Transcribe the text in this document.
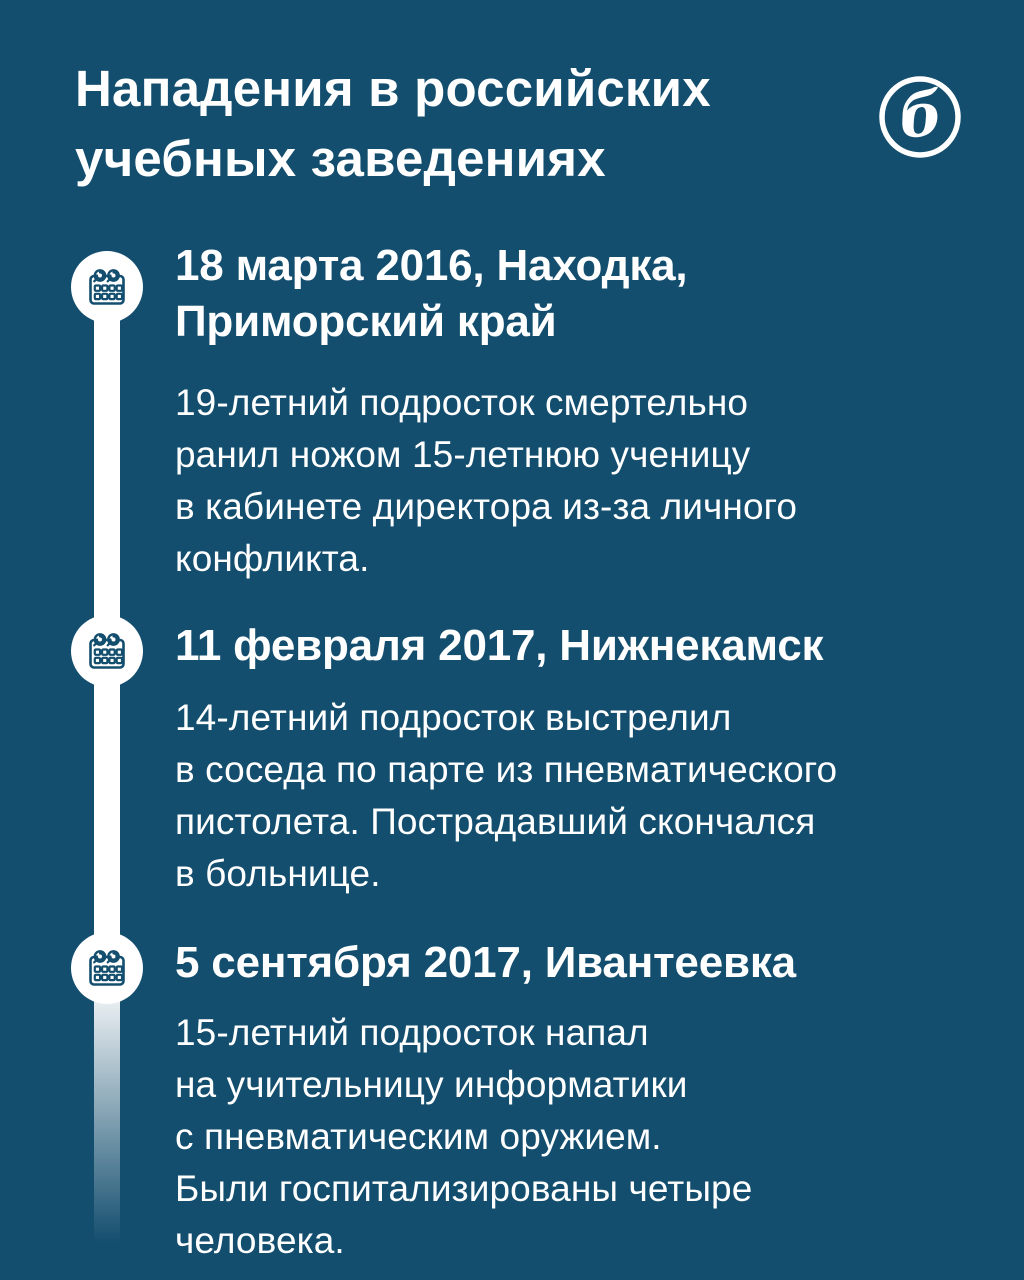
Нападения в российских
учебных заведениях
б
18 марта 2016, Находка,
Приморский край
19-летний подросток смертельно
ранил ножом 15-летнюю ученицу
в кабинете директора из-за личного
конфликта.
11 февраля 2017, Нижнекамск
14-летний подросток выстрелил
в соседа по парте из пневматического
пистолета. Пострадавший скончался
в больнице.
5 сентября 2017, Ивантеевка
15-летний подросток напал
на учительницу информатики
с пневматическим оружием.
Были госпитализированы четыре
человека.
